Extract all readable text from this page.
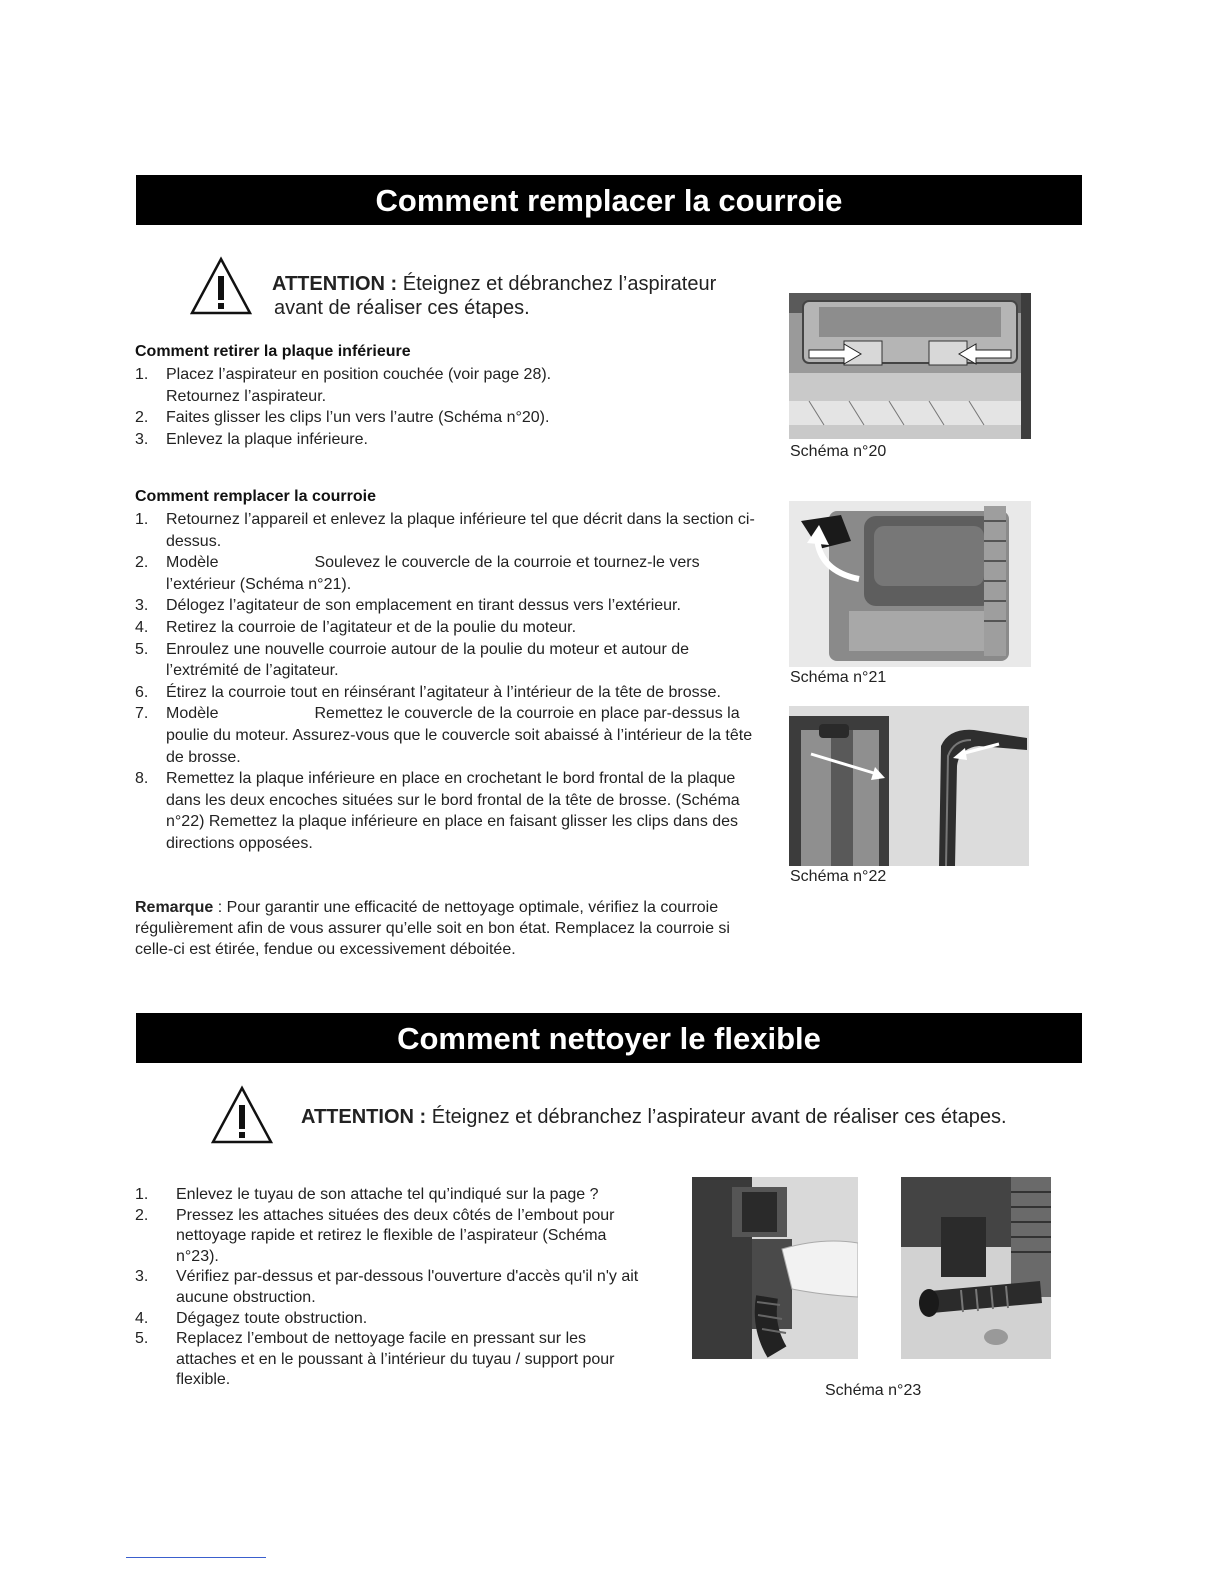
Comment remplacer la courroie
ATTENTION : Éteignez et débranchez l’aspirateur
avant de réaliser ces étapes.
Comment retirer la plaque inférieure
1. Placez l’aspirateur en position couchée (voir page 28).
Retournez l’aspirateur.
2. Faites glisser les clips l’un vers l’autre (Schéma n°20).
3. Enlevez la plaque inférieure.
Comment remplacer la courroie
1. Retournez l’appareil et enlevez la plaque inférieure tel que décrit dans la section ci-dessus.
2. Modèle	Soulevez le couvercle de la courroie et tournez-le vers l’extérieur (Schéma n°21).
3. Délogez l’agitateur de son emplacement en tirant dessus vers l’extérieur.
4. Retirez la courroie de l’agitateur et de la poulie du moteur.
5. Enroulez une nouvelle courroie autour de la poulie du moteur et autour de l’extrémité de l’agitateur.
6. Étirez la courroie tout en réinsérant l’agitateur à l’intérieur de la tête de brosse.
7. Modèle	Remettez le couvercle de la courroie en place par-dessus la poulie du moteur. Assurez-vous que le couvercle soit abaissé à l’intérieur de la tête de brosse.
8. Remettez la plaque inférieure en place en crochetant le bord frontal de la plaque dans les deux encoches situées sur le bord frontal de la tête de brosse. (Schéma n°22) Remettez la plaque inférieure en place en faisant glisser les clips dans des directions opposées.
Remarque : Pour garantir une efficacité de nettoyage optimale, vérifiez la courroie régulièrement afin de vous assurer qu’elle soit en bon état. Remplacez la courroie si celle-ci est étirée, fendue ou excessivement déboitée.
Schéma n°20
Schéma n°21
Schéma n°22
Comment nettoyer le flexible
ATTENTION : Éteignez et débranchez l’aspirateur avant de réaliser ces étapes.
1. Enlevez le tuyau de son attache tel qu’indiqué sur la page ?
2. Pressez les attaches situées des deux côtés de l’embout pour nettoyage rapide et retirez le flexible de l’aspirateur (Schéma n°23).
3. Vérifiez par-dessus et par-dessous l'ouverture d'accès qu'il n'y ait aucune obstruction.
4. Dégagez toute obstruction.
5. Replacez l’embout de nettoyage facile en pressant sur les attaches et en le poussant à l’intérieur du tuyau / support pour flexible.
Schéma n°23
